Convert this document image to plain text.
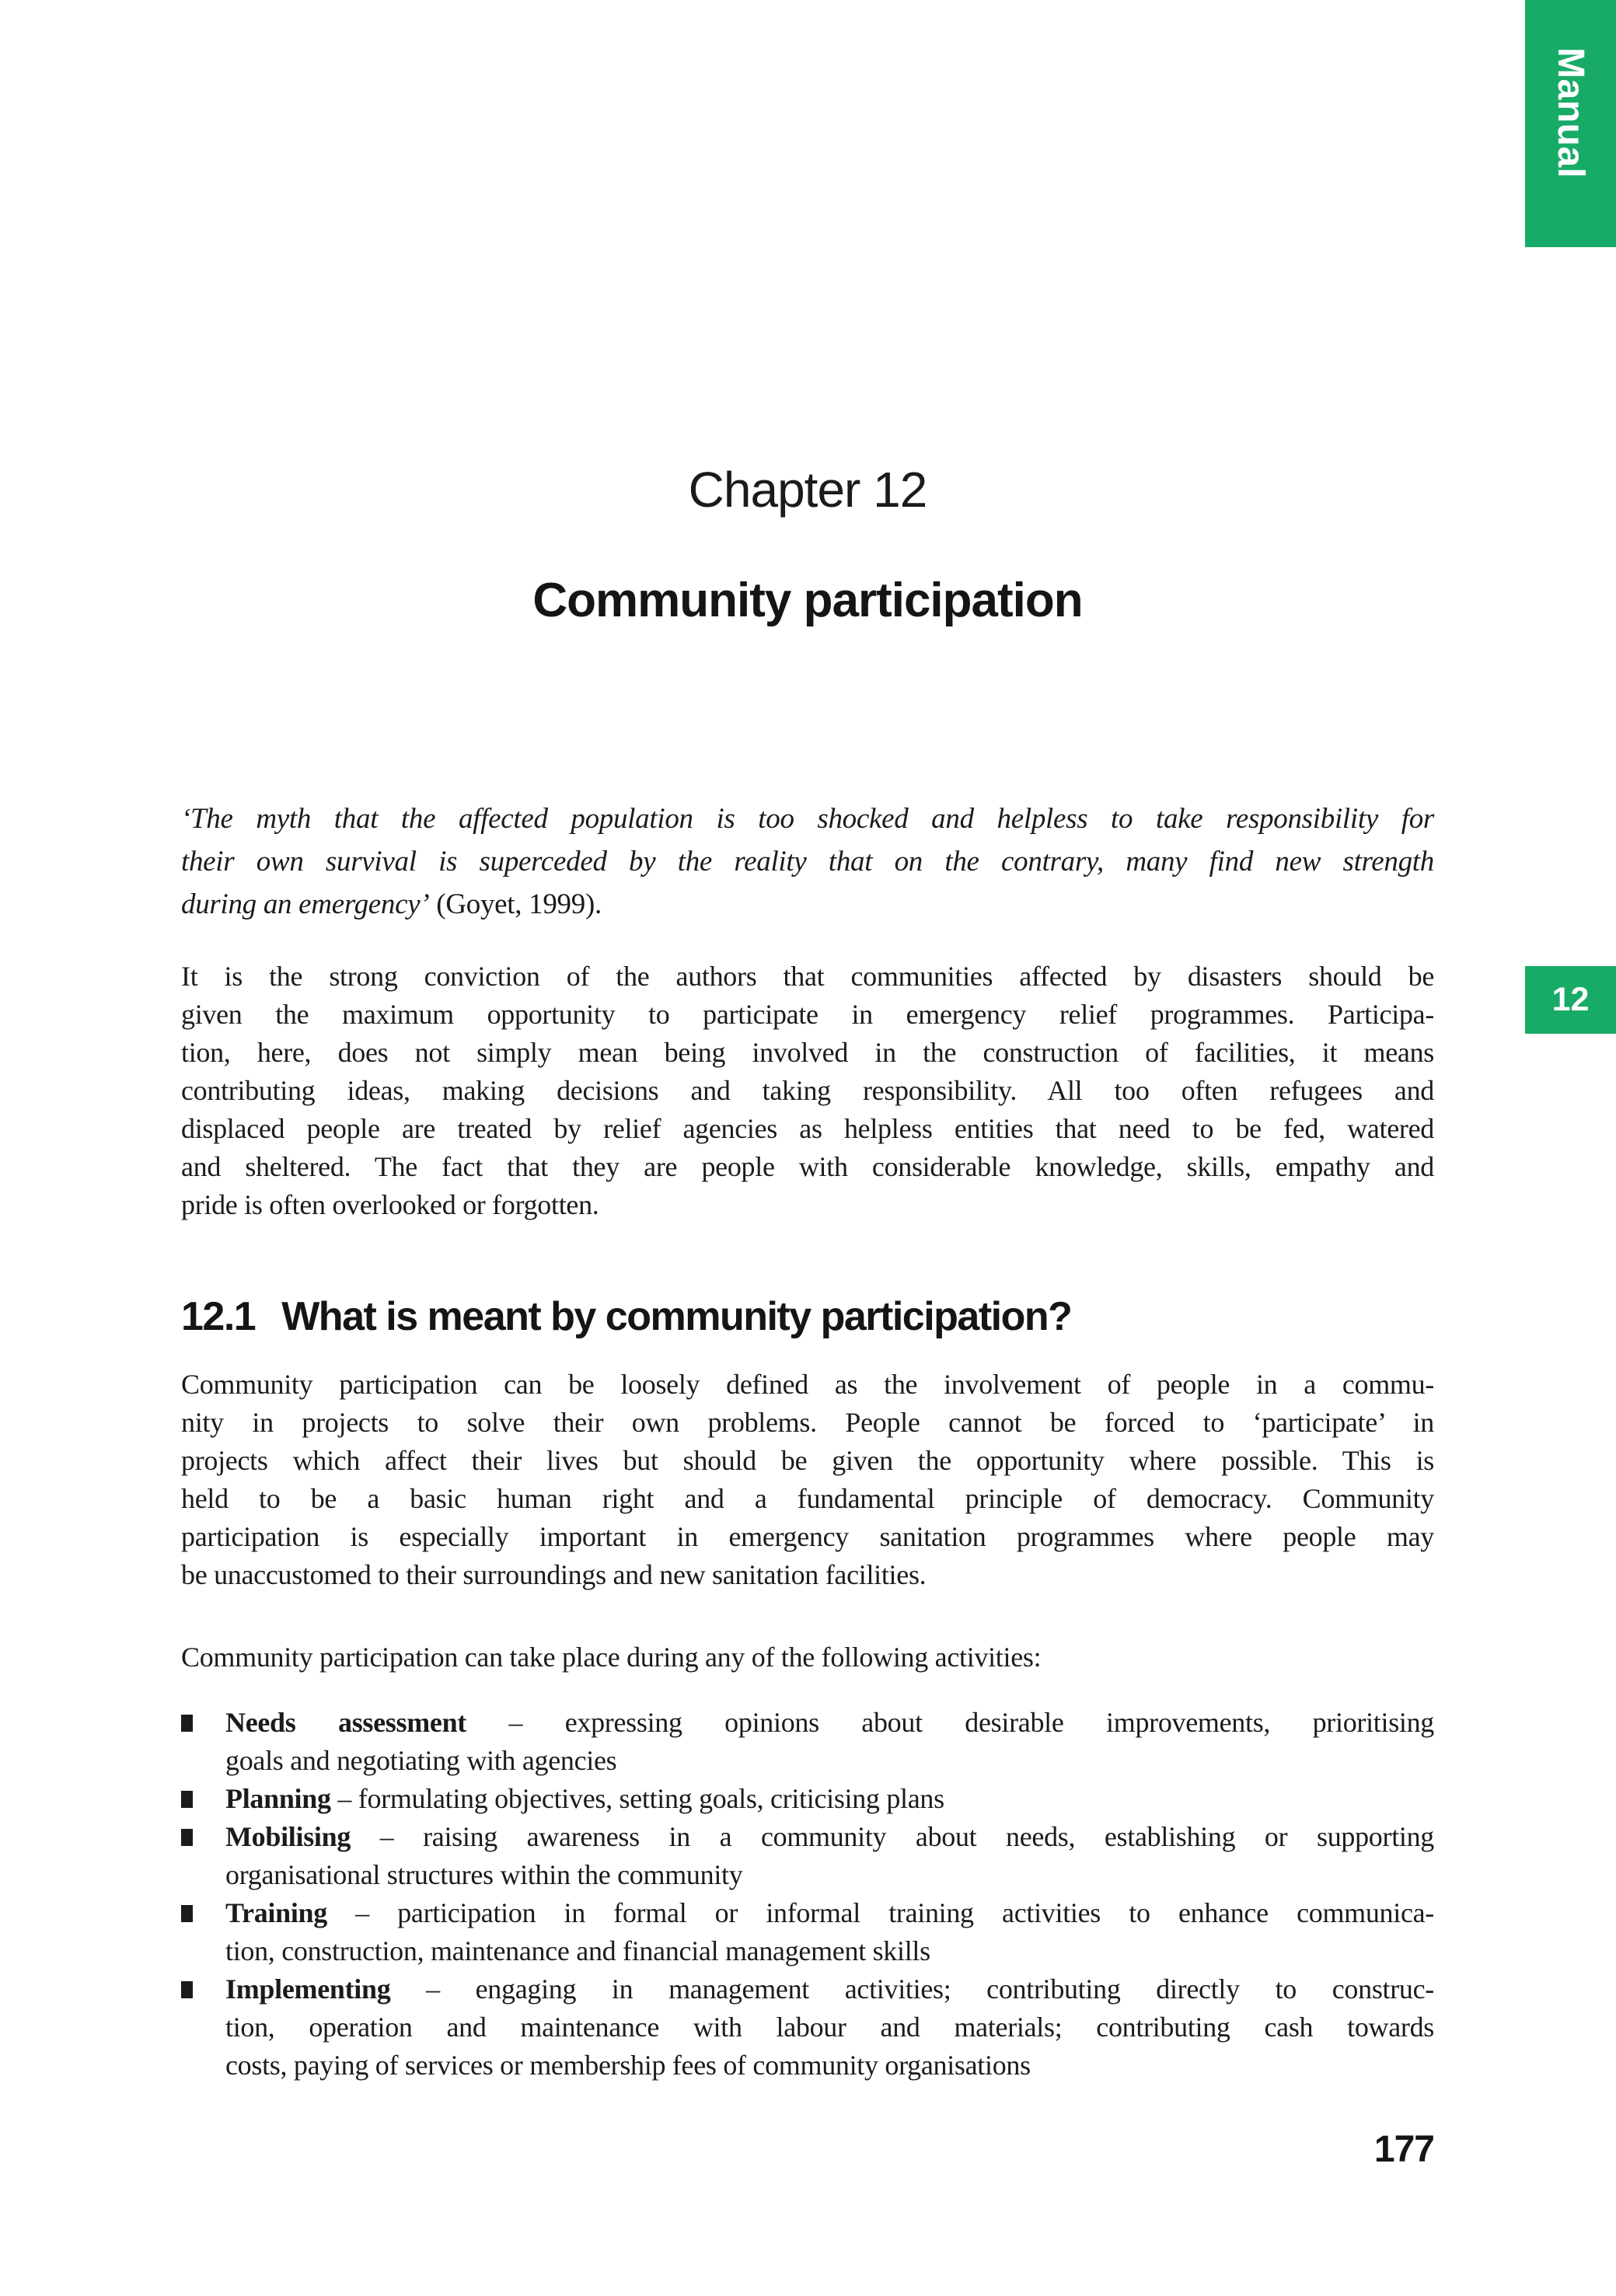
Manual
12
Chapter 12
Community participation
‘The myth that the affected population is too shocked and helpless to take responsibility for
their own survival is superceded by the reality that on the contrary, many find new strength
during an emergency’ (Goyet, 1999).
It is the strong conviction of the authors that communities affected by disasters should be
given the maximum opportunity to participate in emergency relief programmes. Participa-
tion, here, does not simply mean being involved in the construction of facilities, it means
contributing ideas, making decisions and taking responsibility. All too often refugees and
displaced people are treated by relief agencies as helpless entities that need to be fed, watered
and sheltered. The fact that they are people with considerable knowledge, skills, empathy and
pride is often overlooked or forgotten.
12.1 What is meant by community participation?
Community participation can be loosely defined as the involvement of people in a commu-
nity in projects to solve their own problems. People cannot be forced to ‘participate’ in
projects which affect their lives but should be given the opportunity where possible. This is
held to be a basic human right and a fundamental principle of democracy. Community
participation is especially important in emergency sanitation programmes where people may
be unaccustomed to their surroundings and new sanitation facilities.
Community participation can take place during any of the following activities:
Needs assessment – expressing opinions about desirable improvements, prioritising
goals and negotiating with agencies
Planning – formulating objectives, setting goals, criticising plans
Mobilising – raising awareness in a community about needs, establishing or supporting
organisational structures within the community
Training – participation in formal or informal training activities to enhance communica-
tion, construction, maintenance and financial management skills
Implementing – engaging in management activities; contributing directly to construc-
tion, operation and maintenance with labour and materials; contributing cash towards
costs, paying of services or membership fees of community organisations
177
